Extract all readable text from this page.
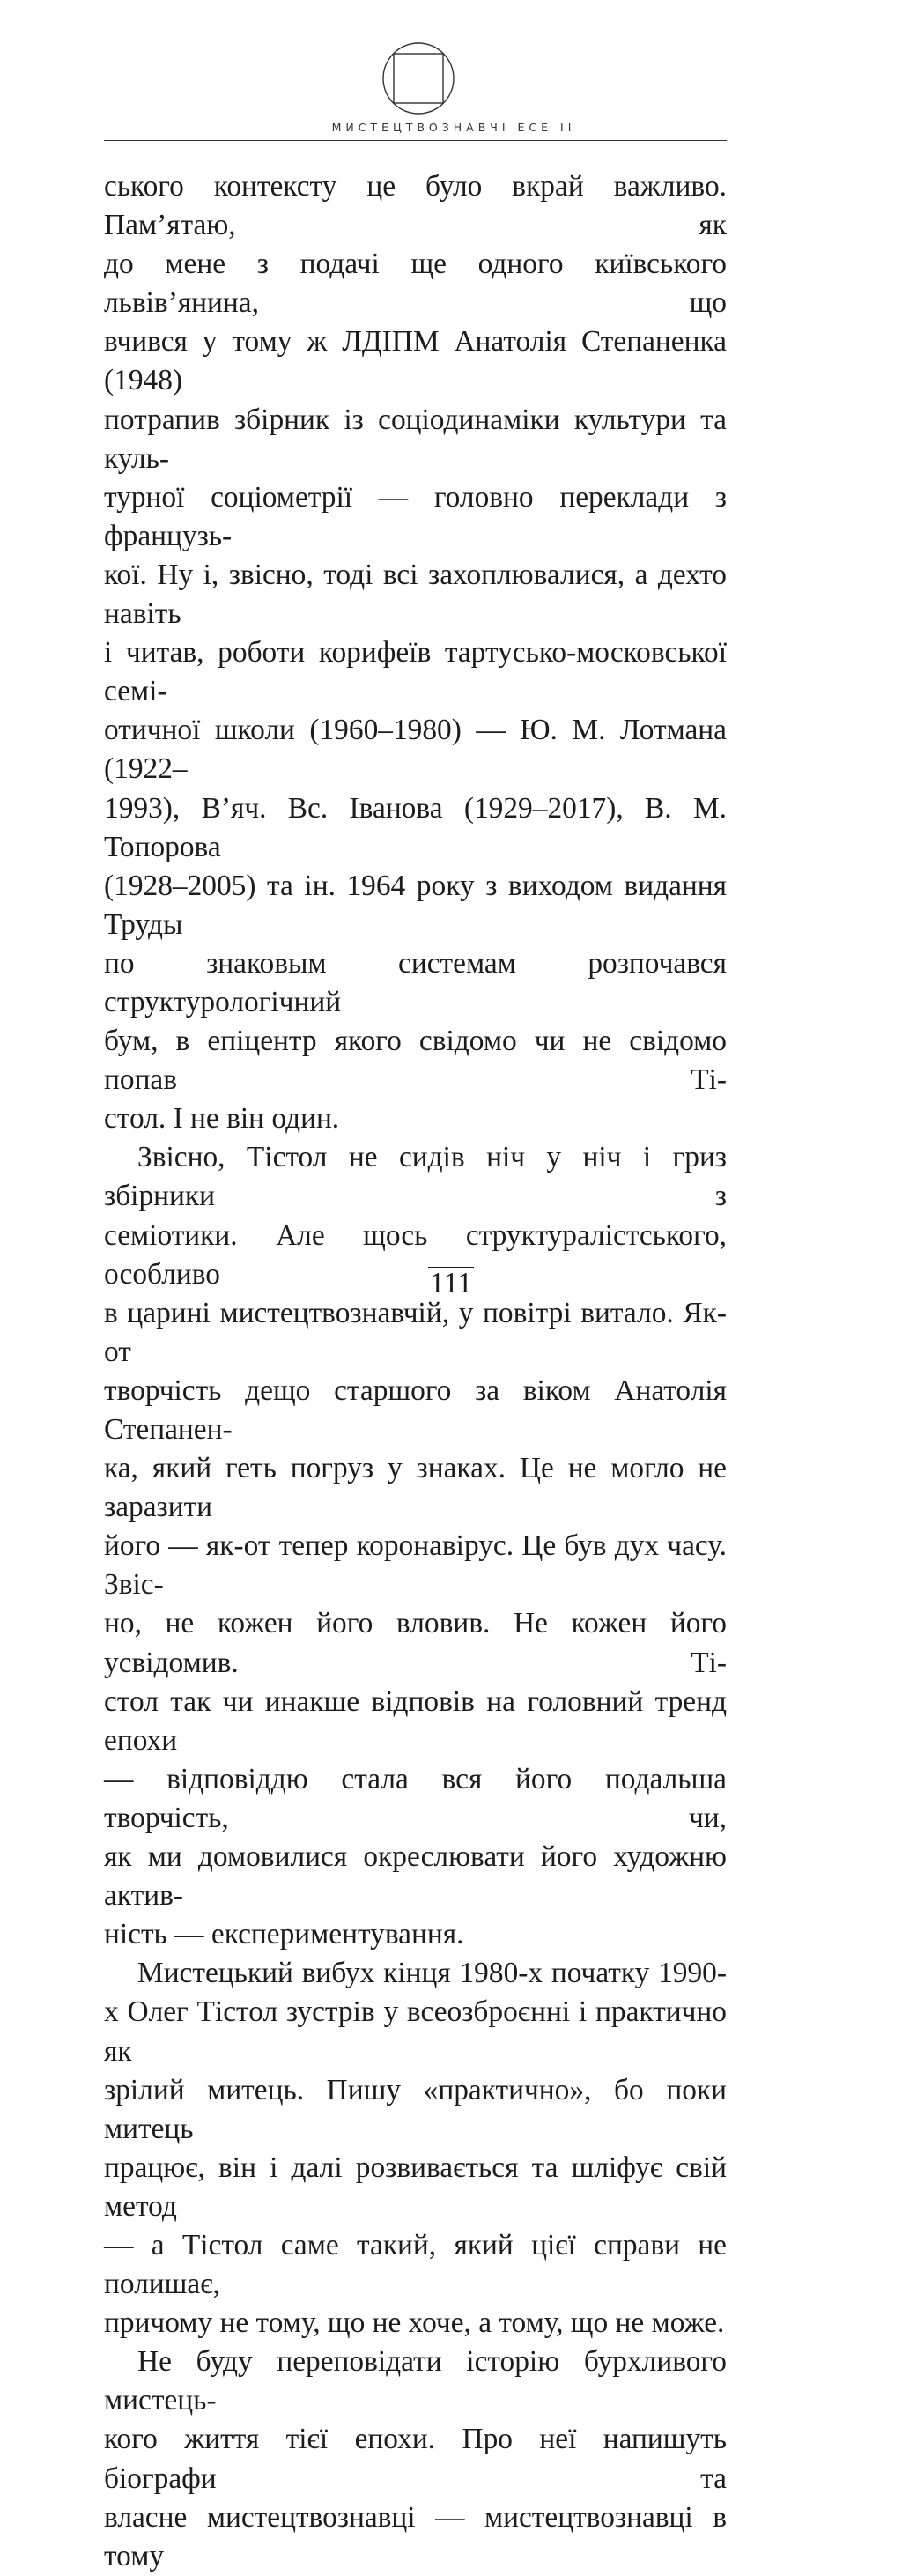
МИСТЕЦТВОЗНАВЧІ ЕСЕ II

ського контексту це було вкрай важливо. Пам’ятаю, як

до мене з подачі ще одного київського львів’янина, що

вчився у тому ж ЛДІПМ Анатолія Степаненка (1948)

потрапив збірник із соціодинаміки культури та куль-

турної соціометрії — головно переклади з французь-

кої. Ну і, звісно, тоді всі захоплювалися, а дехто навіть

і читав, роботи корифеїв тартусько-московської семі-

отичної школи (1960–1980) — Ю. М. Лотмана (1922–

1993), В’яч. Вс. Іванова (1929–2017), В. М. Топорова

(1928–2005) та ін. 1964 року з виходом видання Труды

по знаковым системам розпочався структурологічний

бум, в епіцентр якого свідомо чи не свідомо попав Ті-

стол. І не він один.

Звісно, Тістол не сидів ніч у ніч і гриз збірники з

семіотики. Але щось структуралістського, особливо

в царині мистецтвознавчій, у повітрі витало. Як-от

творчість дещо старшого за віком Анатолія Степанен-

ка, який геть погруз у знаках. Це не могло не заразити

його — як-от тепер коронавірус. Це був дух часу. Звіс-

но, не кожен його вловив. Не кожен його усвідомив. Ті-

стол так чи инакше відповів на головний тренд епохи

— відповіддю стала вся його подальша творчість, чи,

як ми домовилися окреслювати його художню актив-

ність — експериментування.

Мистецький вибух кінця 1980-х початку 1990-

х Олег Тістол зустрів у всеозброєнні і практично як

зрілий митець. Пишу «практично», бо поки митець

працює, він і далі розвивається та шліфує свій метод

— а Тістол саме такий, який цієї справи не полишає,

причому не тому, що не хоче, а тому, що не може.

Не буду переповідати історію бурхливого мистець-

кого життя тієї епохи. Про неї напишуть біографи та

власне мистецтвознавці — мистецтвознавці в тому

111
